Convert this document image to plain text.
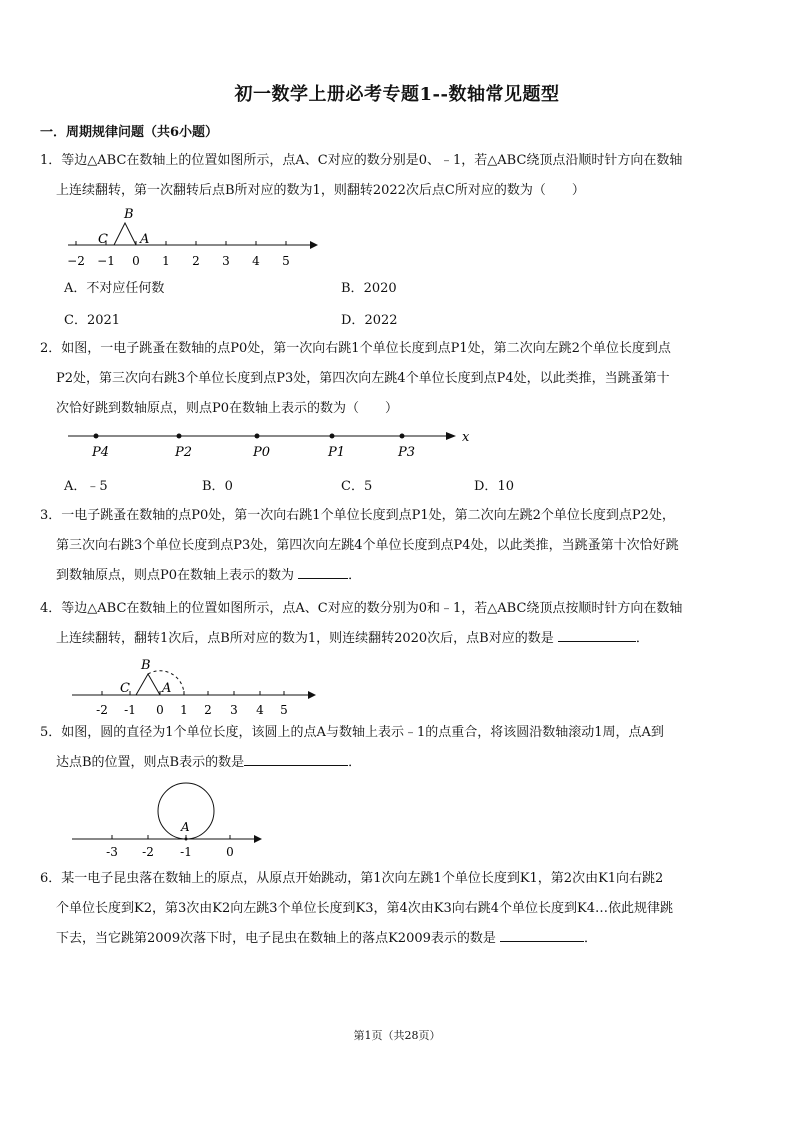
初一数学上册必考专题1--数轴常见题型
一．周期规律问题（共6小题）
1．等边△ABC在数轴上的位置如图所示，点A、C对应的数分别是0、﹣1，若△ABC绕顶点沿顺时针方向在数轴
上连续翻转，第一次翻转后点B所对应的数为1，则翻转2022次后点C所对应的数为（　　）
B
C A
−2 −1 0 1 2 3 4 5
A．不对应任何数	B．2020
C．2021	D．2022
2．如图，一电子跳蚤在数轴的点P0处，第一次向右跳1个单位长度到点P1处，第二次向左跳2个单位长度到点
P2处，第三次向右跳3个单位长度到点P3处，第四次向左跳4个单位长度到点P4处，以此类推，当跳蚤第十
次恰好跳到数轴原点，则点P0在数轴上表示的数为（　　）
x
P4	P2	P0	P1	P3
A．﹣5	B．0	C．5	D．10
3．一电子跳蚤在数轴的点P0处，第一次向右跳1个单位长度到点P1处，第二次向左跳2个单位长度到点P2处，
第三次向右跳3个单位长度到点P3处，第四次向左跳4个单位长度到点P4处，以此类推，当跳蚤第十次恰好跳
到数轴原点，则点P0在数轴上表示的数为	．
4．等边△ABC在数轴上的位置如图所示，点A、C对应的数分别为0和﹣1，若△ABC绕顶点按顺时针方向在数轴
上连续翻转，翻转1次后，点B所对应的数为1，则连续翻转2020次后，点B对应的数是	．
B
C A
-2 -1 0 1 2 3 4 5
5．如图，圆的直径为1个单位长度，该圆上的点A与数轴上表示﹣1的点重合，将该圆沿数轴滚动1周，点A到
达点B的位置，则点B表示的数是	．
A
-3 -2 -1	0
6．某一电子昆虫落在数轴上的原点，从原点开始跳动，第1次向左跳1个单位长度到K1，第2次由K1向右跳2
个单位长度到K2，第3次由K2向左跳3个单位长度到K3，第4次由K3向右跳4个单位长度到K4…依此规律跳
下去，当它跳第2009次落下时，电子昆虫在数轴上的落点K2009表示的数是	．
第1页（共28页）
